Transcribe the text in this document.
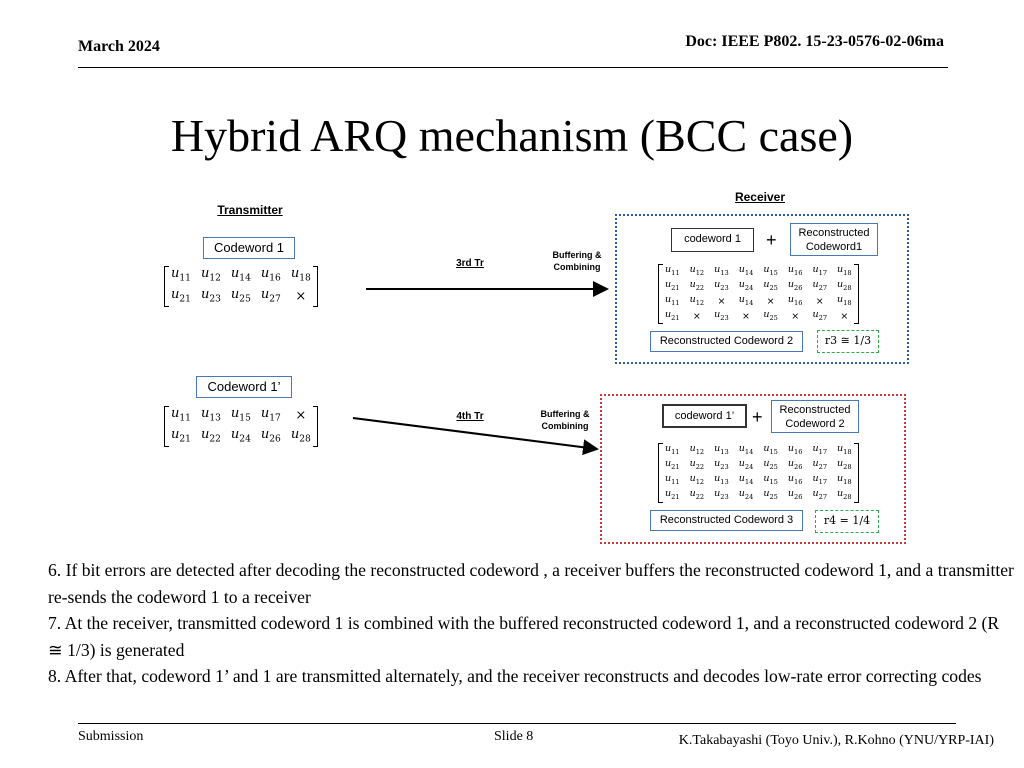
March 2024	Doc: IEEE P802. 15-23-0576-02-06ma
Hybrid ARQ mechanism (BCC case)
Transmitter
Codeword 1
$u_{11}$	$u_{12}$	$u_{14}$	$u_{16}$	$u_{18}$
$u_{21}$	$u_{23}$	$u_{25}$	$u_{27}$	×
Codeword 1’
$u_{11}$	$u_{13}$	$u_{15}$	$u_{17}$	×
$u_{21}$	$u_{22}$	$u_{24}$	$u_{26}$	$u_{28}$
3rd Tr
4th Tr
Buffering & Combining
Buffering & Combining
Receiver
codeword 1	+	Reconstructed Codeword1
$u_{11}$	$u_{12}$	$u_{13}$	$u_{14}$	$u_{15}$	$u_{16}$	$u_{17}$	$u_{18}$
$u_{21}$	$u_{22}$	$u_{23}$	$u_{24}$	$u_{25}$	$u_{26}$	$u_{27}$	$u_{28}$
$u_{11}$	$u_{12}$	×	$u_{14}$	×	$u_{16}$	×	$u_{18}$
$u_{21}$	×	$u_{23}$	×	$u_{25}$	×	$u_{27}$	×
Reconstructed Codeword 2	r3 ≅ 1/3
codeword 1’ +	Reconstructed Codeword 2
$u_{11}$	$u_{12}$	$u_{13}$	$u_{14}$	$u_{15}$	$u_{16}$	$u_{17}$	$u_{18}$
$u_{21}$	$u_{22}$	$u_{23}$	$u_{24}$	$u_{25}$	$u_{26}$	$u_{27}$	$u_{28}$
$u_{11}$	$u_{12}$	$u_{13}$	$u_{14}$	$u_{15}$	$u_{16}$	$u_{17}$	$u_{18}$
$u_{21}$	$u_{22}$	$u_{23}$	$u_{24}$	$u_{25}$	$u_{26}$	$u_{27}$	$u_{28}$
Reconstructed Codeword 3	r4 = 1/4

6. If bit errors are detected after decoding the reconstructed codeword , a receiver buffers the reconstructed codeword 1, and a transmitter re-sends the codeword 1 to a receiver

7. At the receiver, transmitted codeword 1 is combined with the buffered reconstructed codeword 1, and a reconstructed codeword 2 (R ≅ 1/3) is generated

8. After that, codeword 1’ and 1 are transmitted alternately, and the receiver reconstructs and decodes low-rate error correcting codes

Submission	Slide 8	K.Takabayashi (Toyo Univ.), R.Kohno (YNU/YRP-IAI)
